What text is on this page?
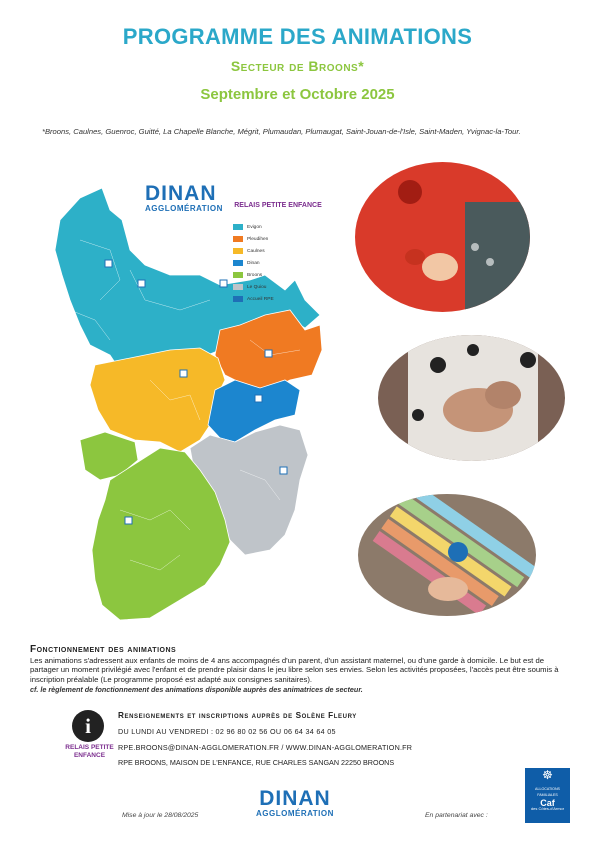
PROGRAMME DES ANIMATIONS
Secteur de Broons*
Septembre et Octobre 2025
*Broons, Caulnes, Guenroc, Guitté, La Chapelle Blanche, Mégrit, Plumaudan, Plumaugat, Saint-Jouan-de-l'Isle, Saint-Maden, Yvignac-la-Tour.
DINAN
AGGLOMÉRATION RELAIS PETITE ENFANCE
Evigon
Pleudihen
Caulnes
Dinan
Broons
Le Quiou
Accueil RPE
Fonctionnement des animations
Les animations s'adressent aux enfants de moins de 4 ans accompagnés d'un parent, d'un assistant maternel, ou d'une garde à domicile. Le but est de partager un moment privilégié avec l'enfant et de prendre plaisir dans le jeu libre selon ses envies. Selon les activités proposées, l'accès peut être soumis à inscription préalable (Le programme proposé est adapté aux consignes sanitaires).
cf. le règlement de fonctionnement des animations disponible auprès des animatrices de secteur.
i
RELAIS PETITE ENFANCE
Renseignements et inscriptions auprès de Solène Fleury
DU LUNDI AU VENDREDI : 02 96 80 02 56 OU 06 64 34 64 05
RPE.BROONS@DINAN-AGGLOMERATION.FR / WWW.DINAN-AGGLOMERATION.FR
RPE BROONS, MAISON DE L'ENFANCE, RUE CHARLES SANGAN 22250 BROONS
Mise à jour le 28/08/2025
DINAN
AGGLOMÉRATION	En partenariat avec :
☸
ALLOCATIONS FAMILIALES
Caf
des Côtes-d'Armor
